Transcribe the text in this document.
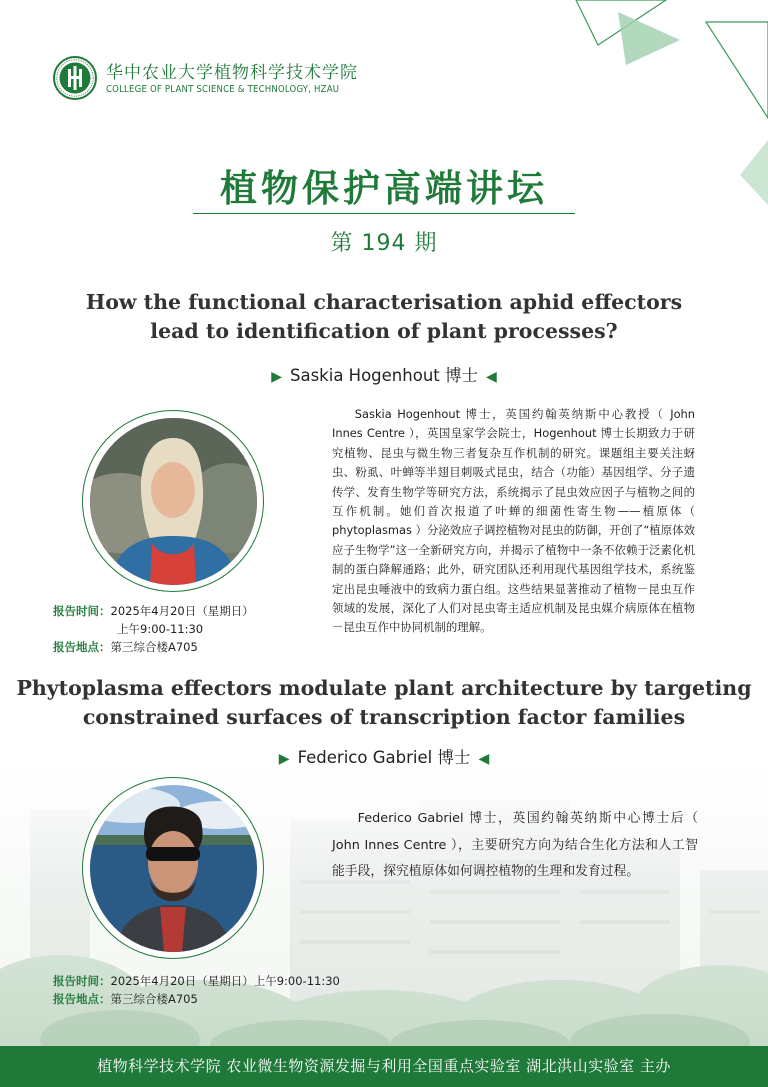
华中农业大学植物科学技术学院
COLLEGE OF PLANT SCIENCE & TECHNOLOGY, HZAU
植物保护高端讲坛
第 194 期
How the functional characterisation aphid effectors
lead to identification of plant processes?
▶ Saskia Hogenhout 博士 ◀
Saskia Hogenhout 博士，英国约翰英纳斯中心教授（ John Innes Centre ），英国皇家学会院士，Hogenhout 博士长期致力于研究植物、昆虫与微生物三者复杂互作机制的研究。课题组主要关注蚜虫、粉虱、叶蝉等半翅目刺吸式昆虫，结合（功能）基因组学、分子遗传学、发育生物学等研究方法，系统揭示了昆虫效应因子与植物之间的互作机制。她们首次报道了叶蝉的细菌性寄生物——植原体（ phytoplasmas ）分泌效应子调控植物对昆虫的防御，开创了“植原体效应子生物学”这一全新研究方向，并揭示了植物中一条不依赖于泛素化机制的蛋白降解通路；此外，研究团队还利用现代基因组学技术，系统鉴定出昆虫唾液中的致病力蛋白组。这些结果显著推动了植物－昆虫互作领域的发展，深化了人们对昆虫寄主适应机制及昆虫媒介病原体在植物－昆虫互作中协同机制的理解。
报告时间：2025年4月20日（星期日）
上午9:00-11:30
报告地点：第三综合楼A705
Phytoplasma effectors modulate plant architecture by targeting
constrained surfaces of transcription factor families
▶ Federico Gabriel 博士 ◀
Federico Gabriel 博士，英国约翰英纳斯中心博士后（ John Innes Centre ），主要研究方向为结合生化方法和人工智能手段，探究植原体如何调控植物的生理和发育过程。
报告时间：2025年4月20日（星期日）上午9:00-11:30
报告地点：第三综合楼A705
植物科学技术学院 农业微生物资源发掘与利用全国重点实验室 湖北洪山实验室 主办
